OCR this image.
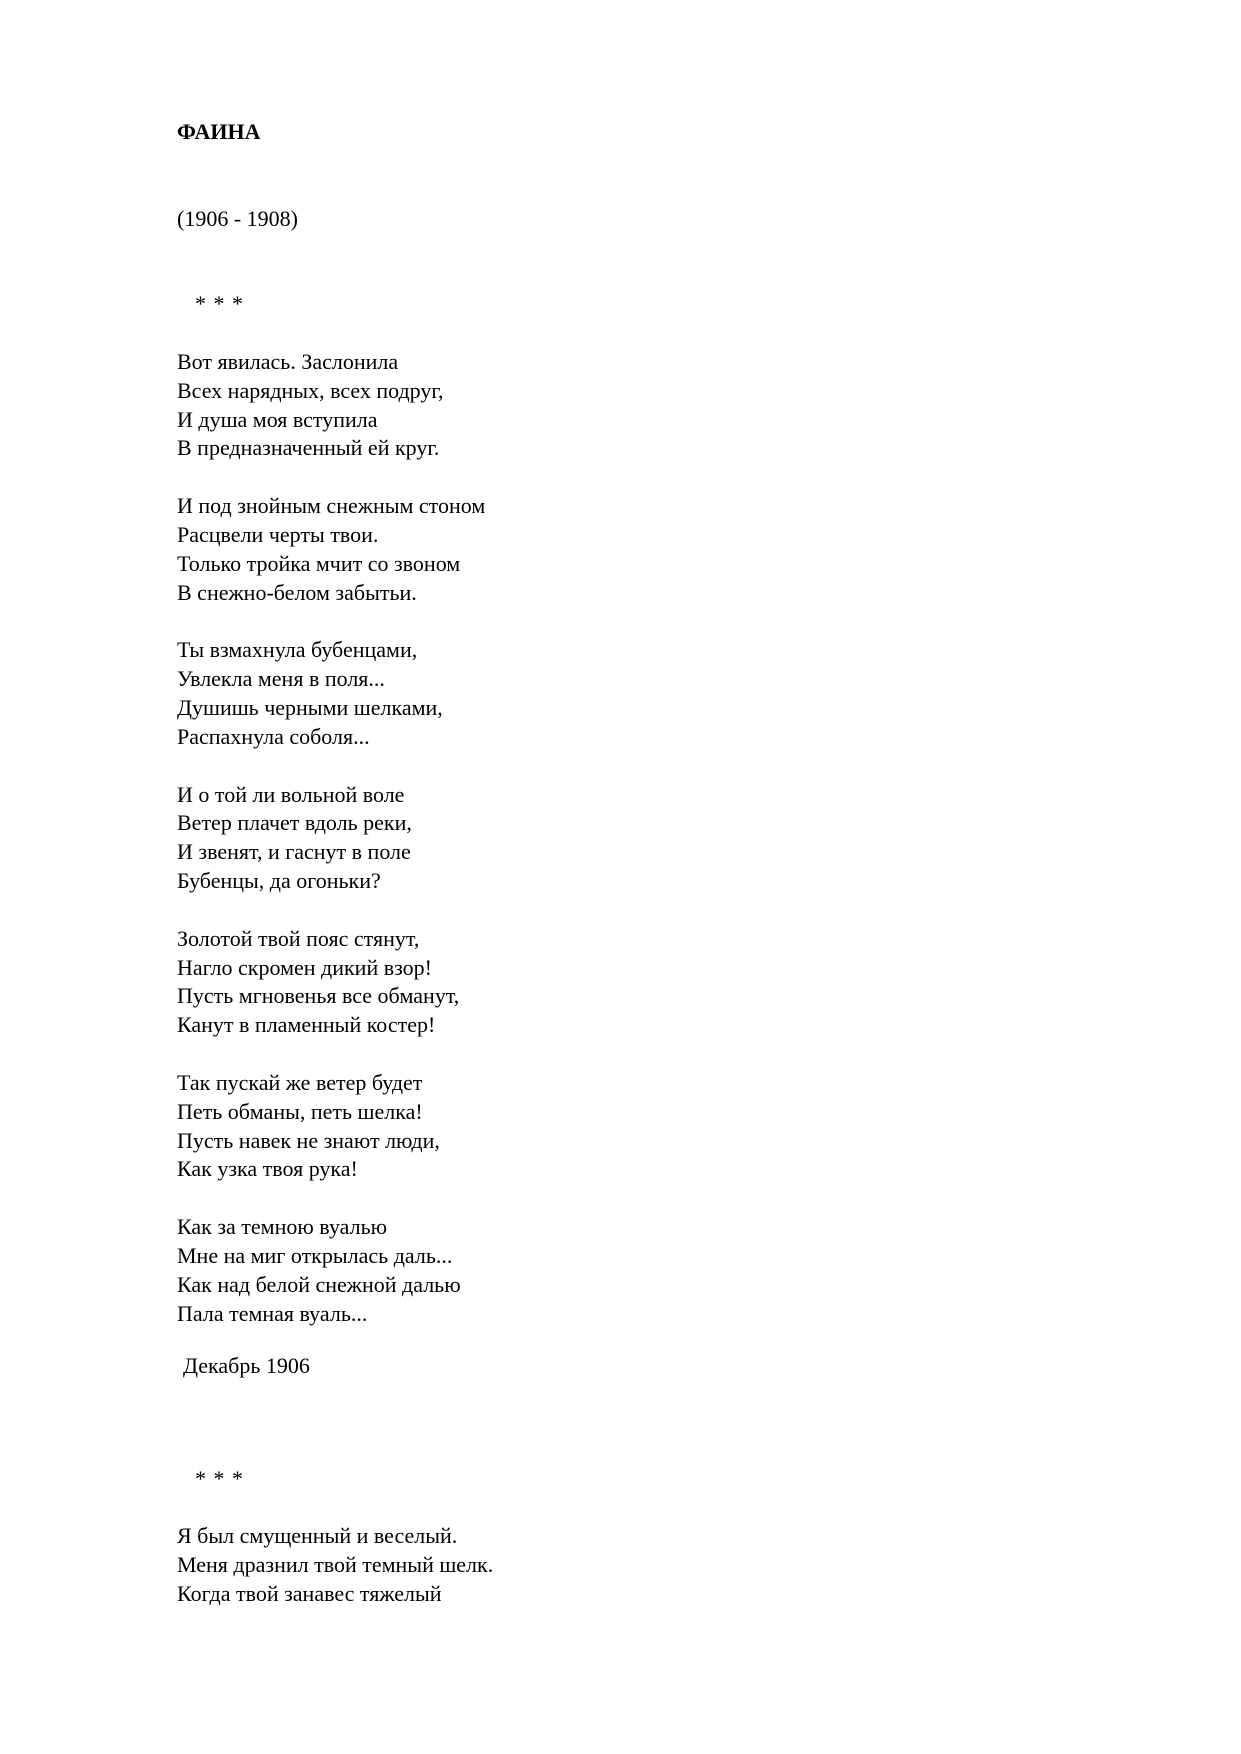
ФАИНА

(1906 - 1908)

* * *

Вот явилась. Заслонила
Всех нарядных, всех подруг,
И душа моя вступила
В предназначенный ей круг.
И под знойным снежным стоном
Расцвели черты твои.
Только тройка мчит со звоном
В снежно-белом забытьи.
Ты взмахнула бубенцами,
Увлекла меня в поля...
Душишь черными шелками,
Распахнула соболя...
И о той ли вольной воле
Ветер плачет вдоль реки,
И звенят, и гаснут в поле
Бубенцы, да огоньки?
Золотой твой пояс стянут,
Нагло скромен дикий взор!
Пусть мгновенья все обманут,
Канут в пламенный костер!
Так пускай же ветер будет
Петь обманы, петь шелка!
Пусть навек не знают люди,
Как узка твоя рука!
Как за темною вуалью
Мне на миг открылась даль...
Как над белой снежной далью
Пала темная вуаль...

Декабрь 1906

* * *

Я был смущенный и веселый.
Меня дразнил твой темный шелк.
Когда твой занавес тяжелый
